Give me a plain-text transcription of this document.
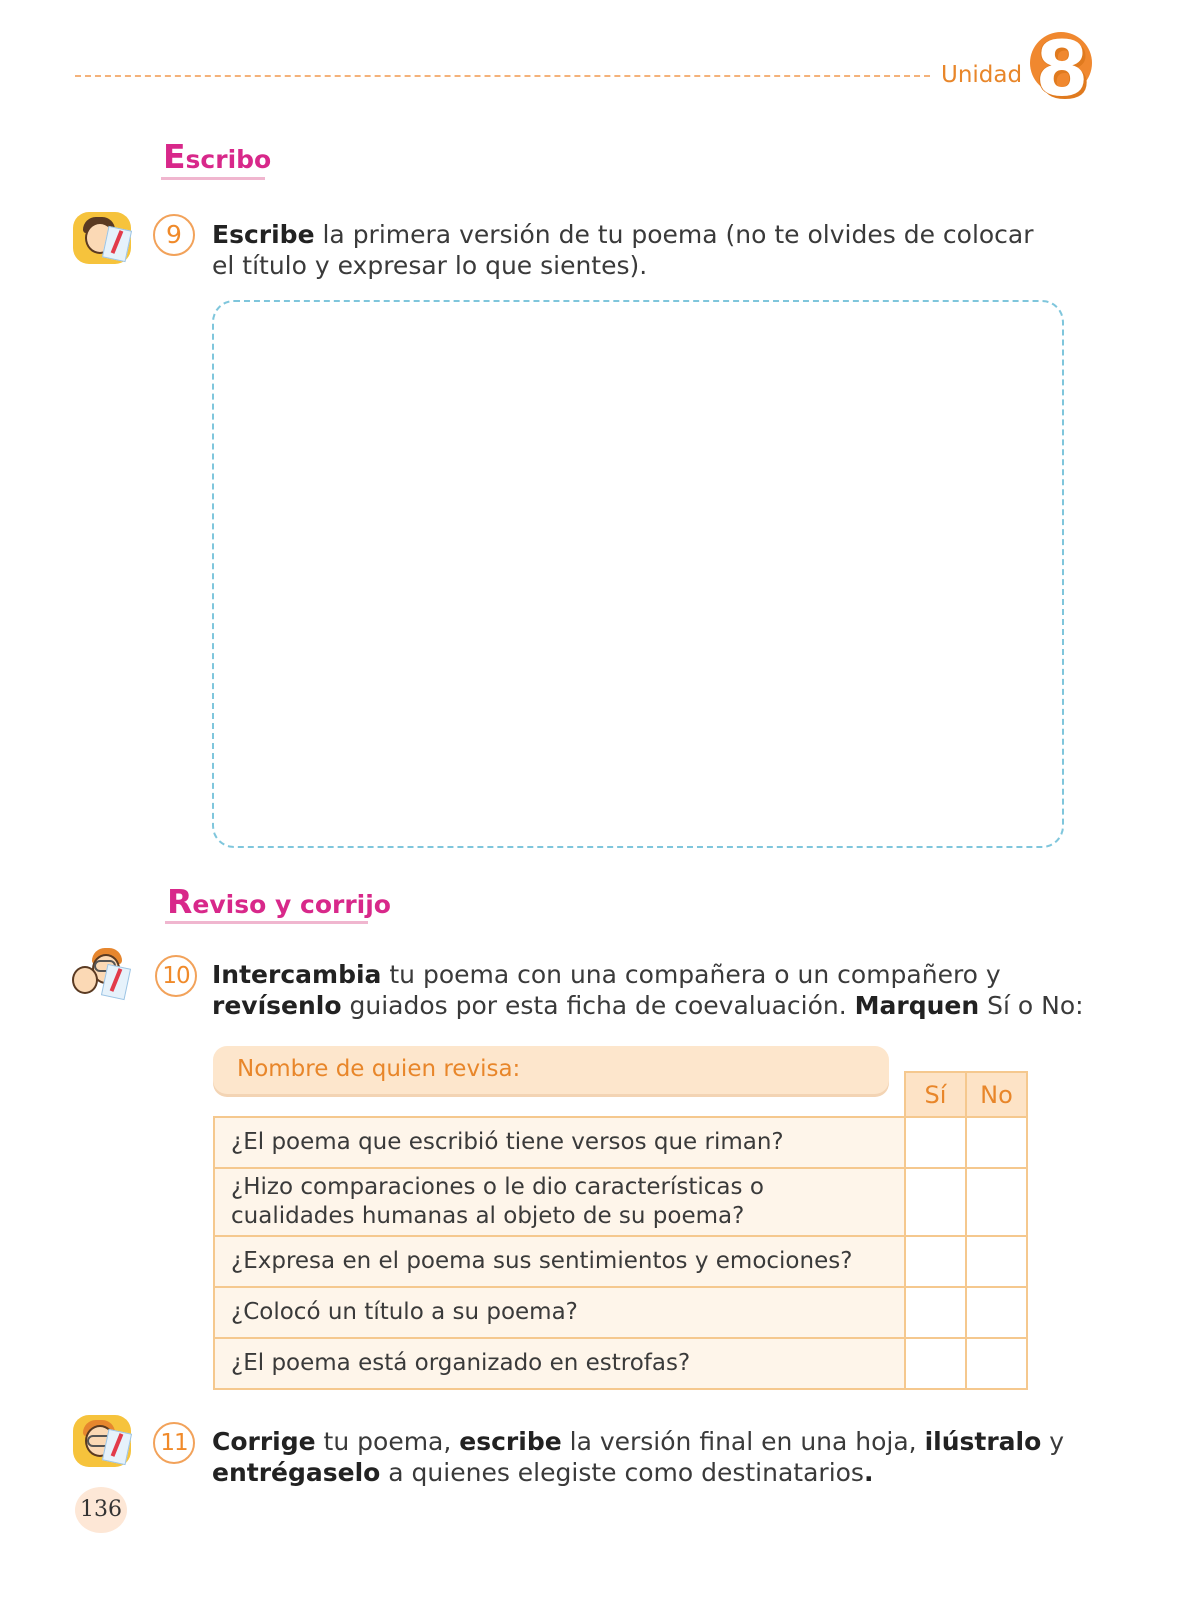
Unidad 8
Escribo
9	Escribe la primera versión de tu poema (no te olvides de colocar
el título y expresar lo que sientes).
Reviso y corrijo
10 Intercambia tu poema con una compañera o un compañero y
revísenlo guiados por esta ficha de coevaluación. Marquen Sí o No:
	Sí	No

¿El poema que escribió tiene versos que riman?		

¿Hizo comparaciones o le dio características o
cualidades humanas al objeto de su poema?		

¿Expresa en el poema sus sentimientos y emociones?		

¿Colocó un título a su poema?		

¿El poema está organizado en estrofas?		

Nombre de quien revisa:
11 Corrige tu poema, escribe la versión final en una hoja, ilústralo y
entrégaselo a quienes elegiste como destinatarios.
136
